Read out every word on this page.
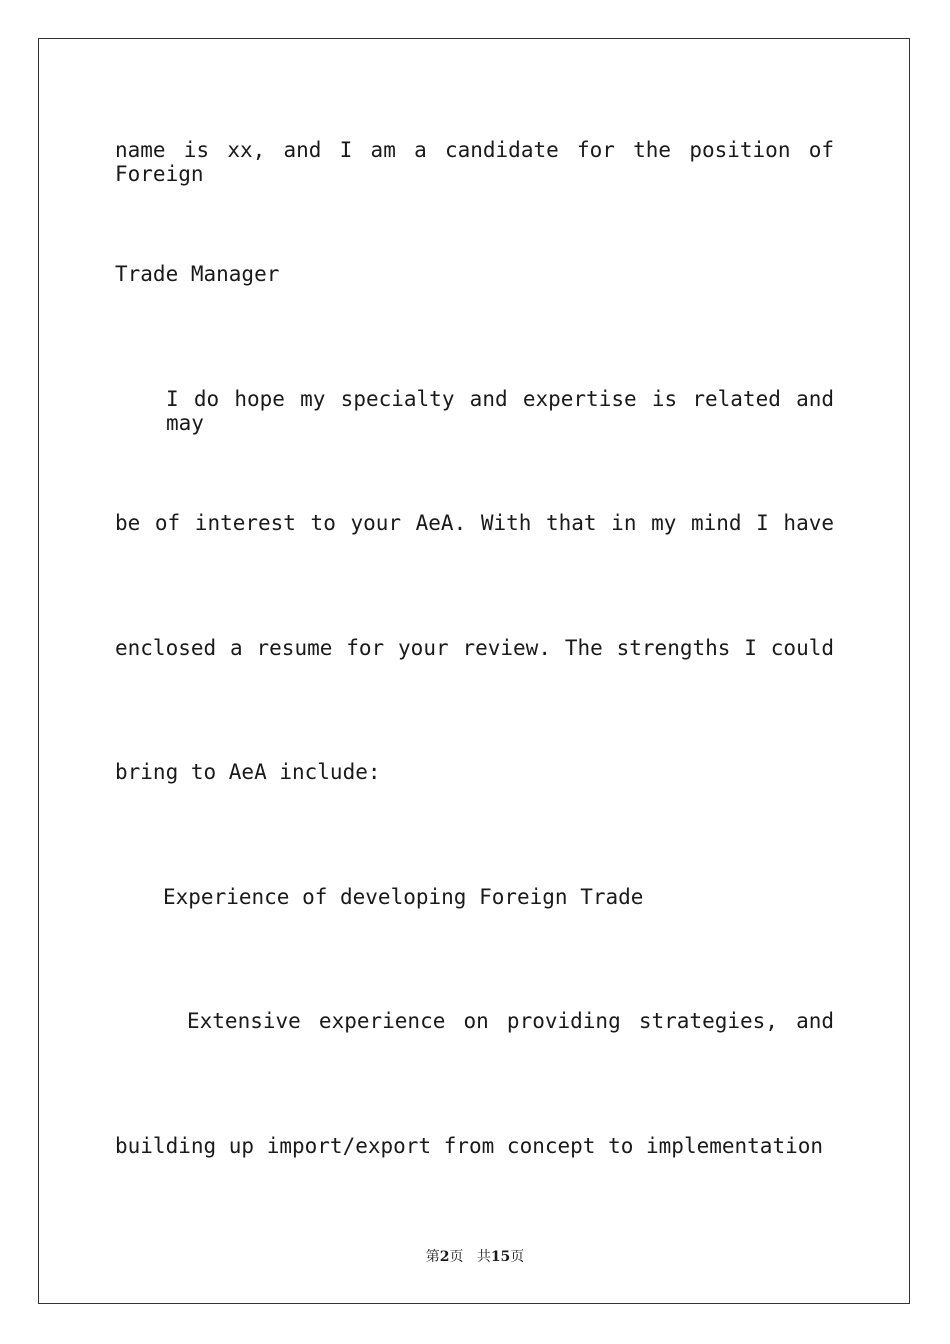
name is xx, and I am a candidate for the position of Foreign

Trade Manager

I do hope my specialty and expertise is related and may

be of interest to your AeA. With that in my mind I have

enclosed a resume for your review. The strengths I could

bring to AeA include:

Experience of developing Foreign Trade

Extensive experience on providing strategies, and

building up import/export from concept to implementation

第2页 共15页
